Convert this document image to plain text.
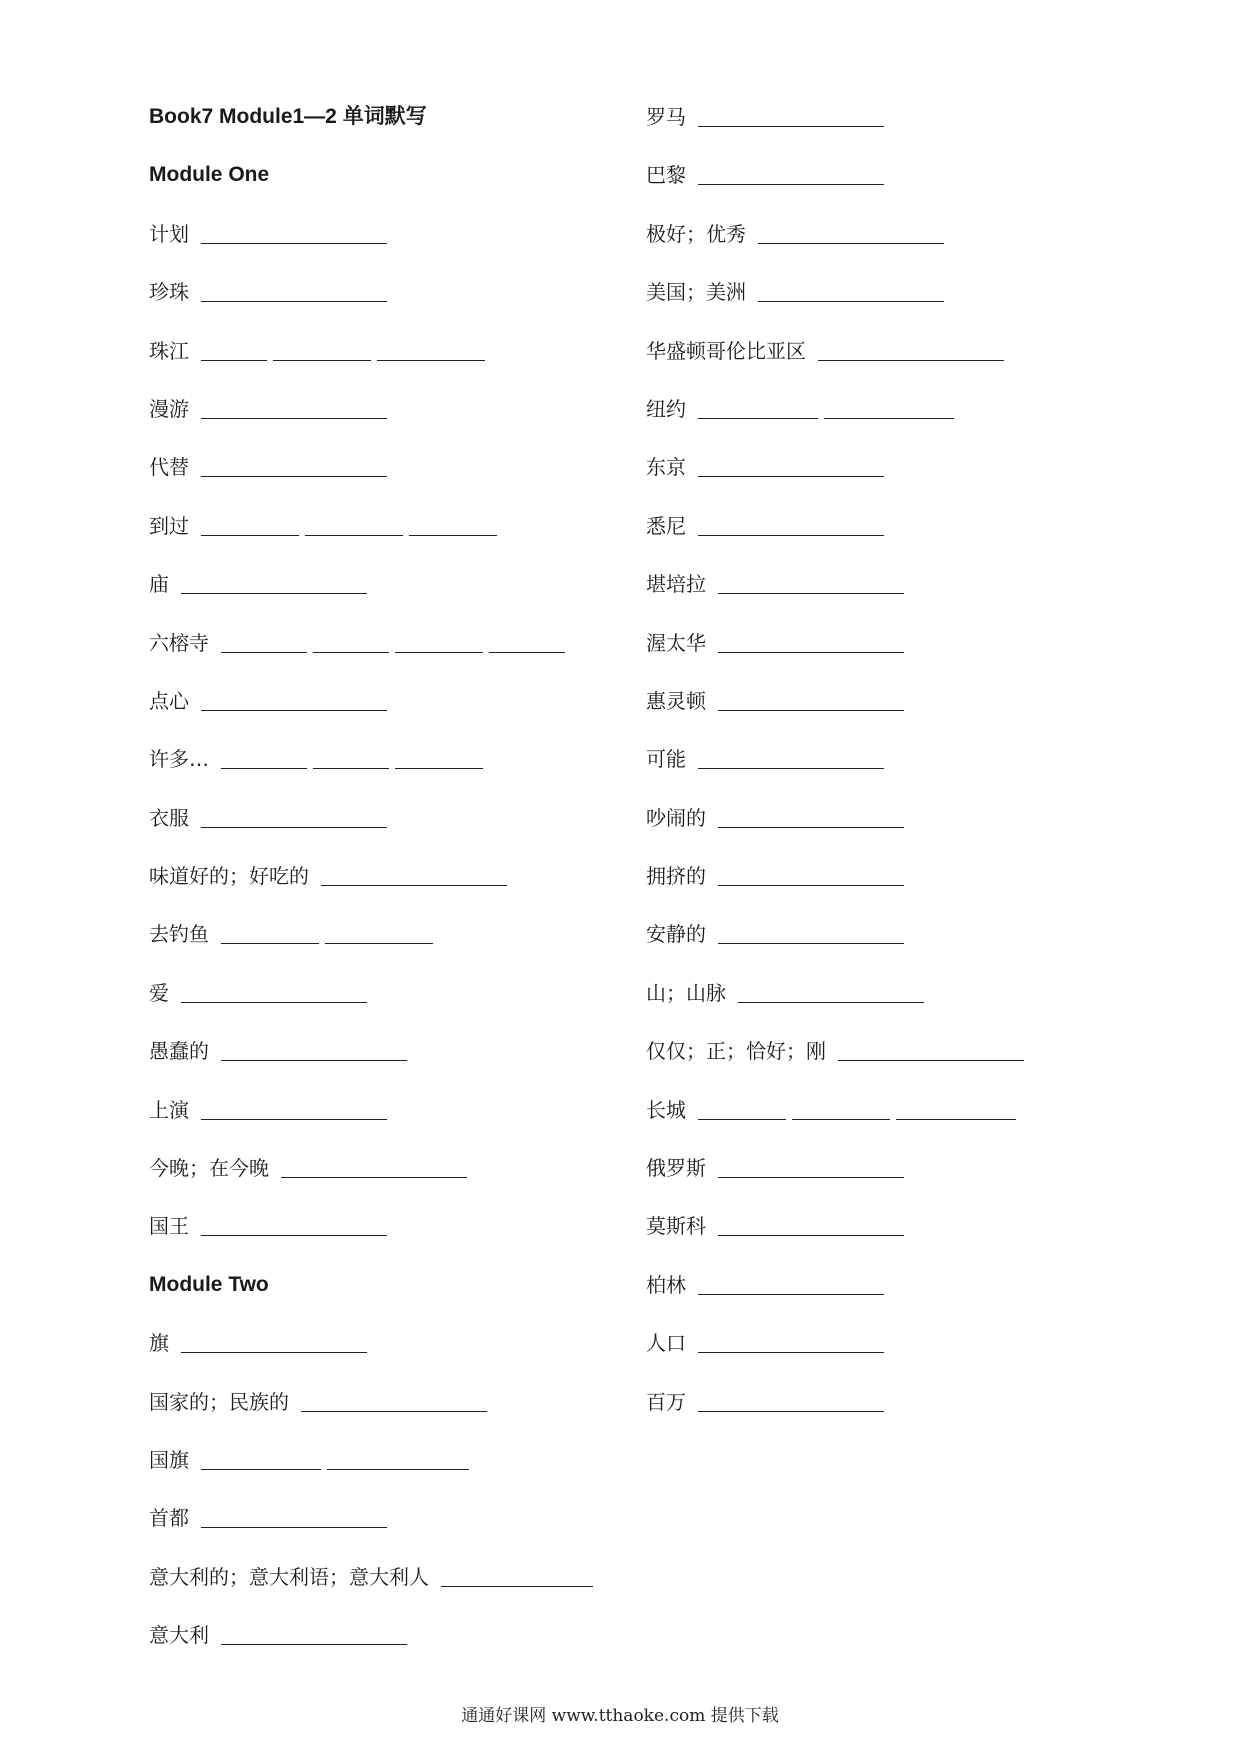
Book7 Module1—2 单词默写
Module One
计划
珍珠
珠江
漫游
代替
到过
庙
六榕寺
点心
许多…
衣服
味道好的；好吃的
去钓鱼
爱
愚蠢的
上演
今晚；在今晚
国王
Module Two
旗
国家的；民族的
国旗
首都
意大利的；意大利语；意大利人
意大利
罗马
巴黎
极好；优秀
美国；美洲
华盛顿哥伦比亚区
纽约
东京
悉尼
堪培拉
渥太华
惠灵顿
可能
吵闹的
拥挤的
安静的
山；山脉
仅仅；正；恰好；刚
长城
俄罗斯
莫斯科
柏林
人口
百万
通通好课网 www.tthaoke.com 提供下载
